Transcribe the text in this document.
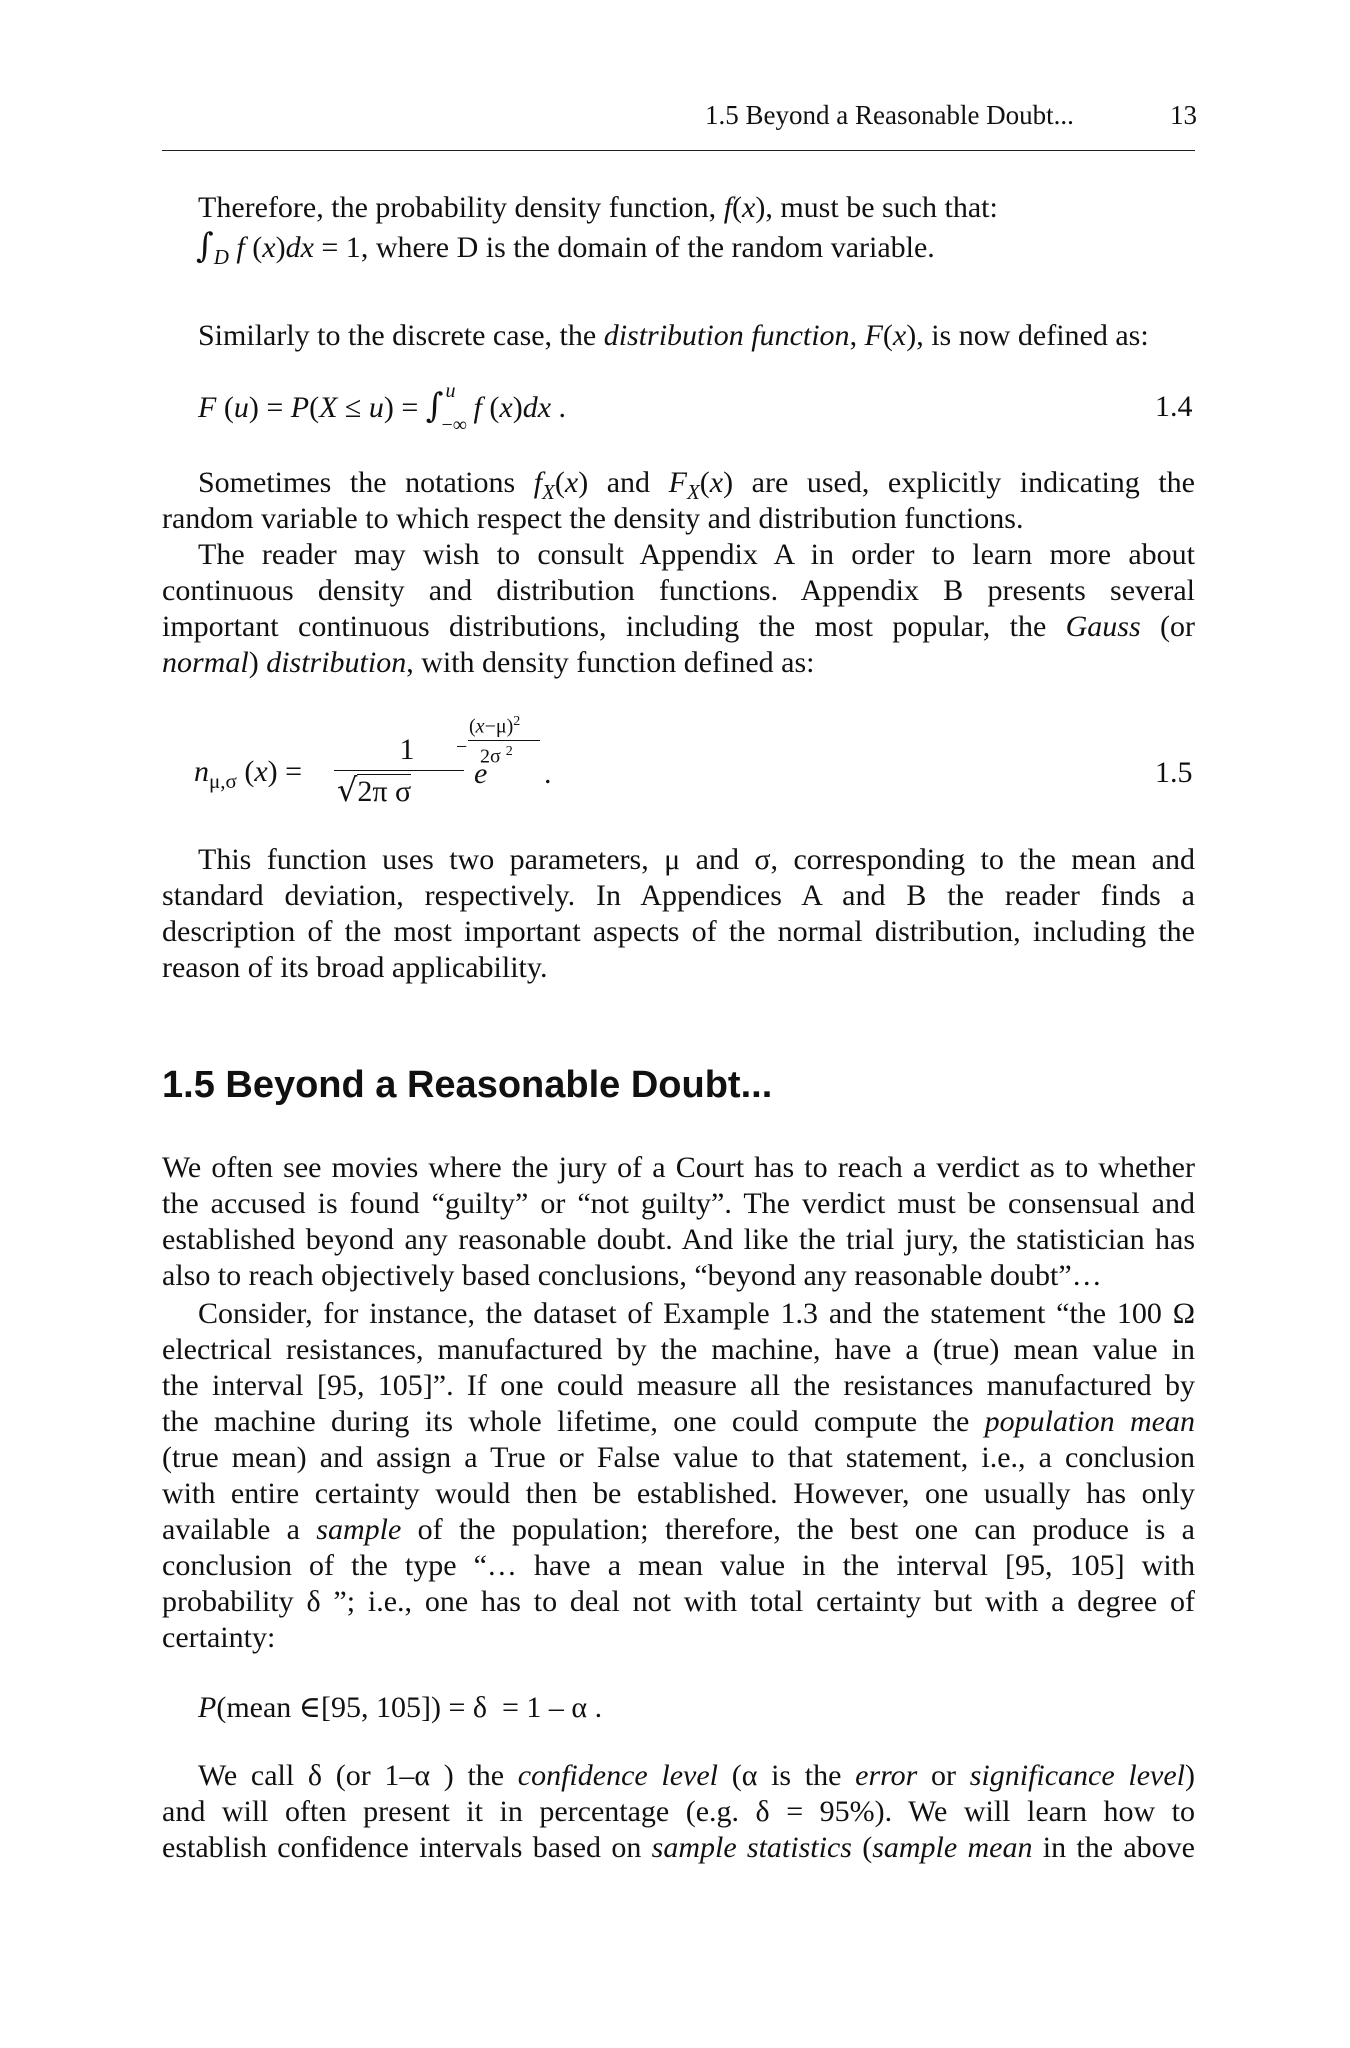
1.5 Beyond a Reasonable Doubt...	13
Therefore, the probability density function, f(x), must be such that:
$\int_D$ f (x)dx = 1, where D is the domain of the random variable.
Similarly to the discrete case, the distribution function, F(x), is now defined as:
F (u) = P(X ≤ u) = ∫ u
−∞
f (x)dx .	1.4
Sometimes the notations $f_X(x)$ and $F_X(x)$ are used, explicitly indicating the
random variable to which respect the density and distribution functions.
The reader may wish to consult Appendix A in order to learn more about
continuous density and distribution functions. Appendix B presents several
important continuous distributions, including the most popular, the Gauss (or
normal) distribution, with density function defined as:
$n_{\mu,\sigma}$ (x) =
1
√2π σ
e
−
$(x-\mu)^2$
2σ $^2$
.	1.5
This function uses two parameters, μ and σ, corresponding to the mean and
standard deviation, respectively. In Appendices A and B the reader finds a
description of the most important aspects of the normal distribution, including the
reason of its broad applicability.
1.5 Beyond a Reasonable Doubt...
We often see movies where the jury of a Court has to reach a verdict as to whether
the accused is found “guilty” or “not guilty”. The verdict must be consensual and
established beyond any reasonable doubt. And like the trial jury, the statistician has
also to reach objectively based conclusions, “beyond any reasonable doubt”…
Consider, for instance, the dataset of Example 1.3 and the statement “the 100 Ω
electrical resistances, manufactured by the machine, have a (true) mean value in
the interval [95, 105]”. If one could measure all the resistances manufactured by
the machine during its whole lifetime, one could compute the population mean
(true mean) and assign a True or False value to that statement, i.e., a conclusion
with entire certainty would then be established. However, one usually has only
available a sample of the population; therefore, the best one can produce is a
conclusion of the type “… have a mean value in the interval [95, 105] with
probability δ ”; i.e., one has to deal not with total certainty but with a degree of
certainty:
P(mean ∈[95, 105]) = δ  = 1 – α .
We call δ (or 1–α ) the confidence level (α is the error or significance level)
and will often present it in percentage (e.g. δ = 95%). We will learn how to
establish confidence intervals based on sample statistics (sample mean in the above
